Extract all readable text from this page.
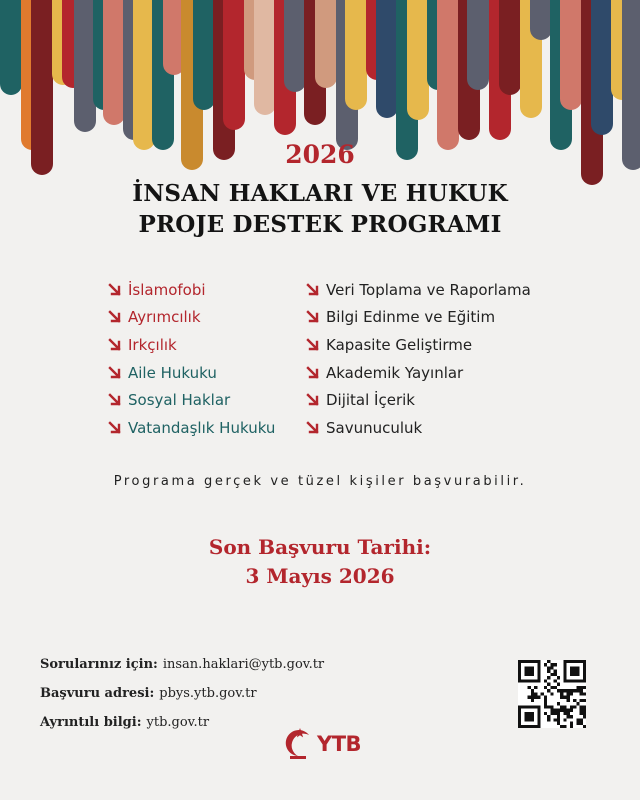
2026
İNSAN HAKLARI VE HUKUK
PROJE DESTEK PROGRAMI
İslamofobi
Ayrımcılık
Irkçılık
Aile Hukuku
Sosyal Haklar
Vatandaşlık Hukuku
Veri Toplama ve Raporlama
Bilgi Edinme ve Eğitim
Kapasite Geliştirme
Akademik Yayınlar
Dijital İçerik
Savunuculuk
Programa gerçek ve tüzel kişiler başvurabilir.
Son Başvuru Tarihi:
3 Mayıs 2026
Sorularınız için: insan.haklari@ytb.gov.tr
Başvuru adresi: pbys.ytb.gov.tr
Ayrıntılı bilgi: ytb.gov.tr
YTB
